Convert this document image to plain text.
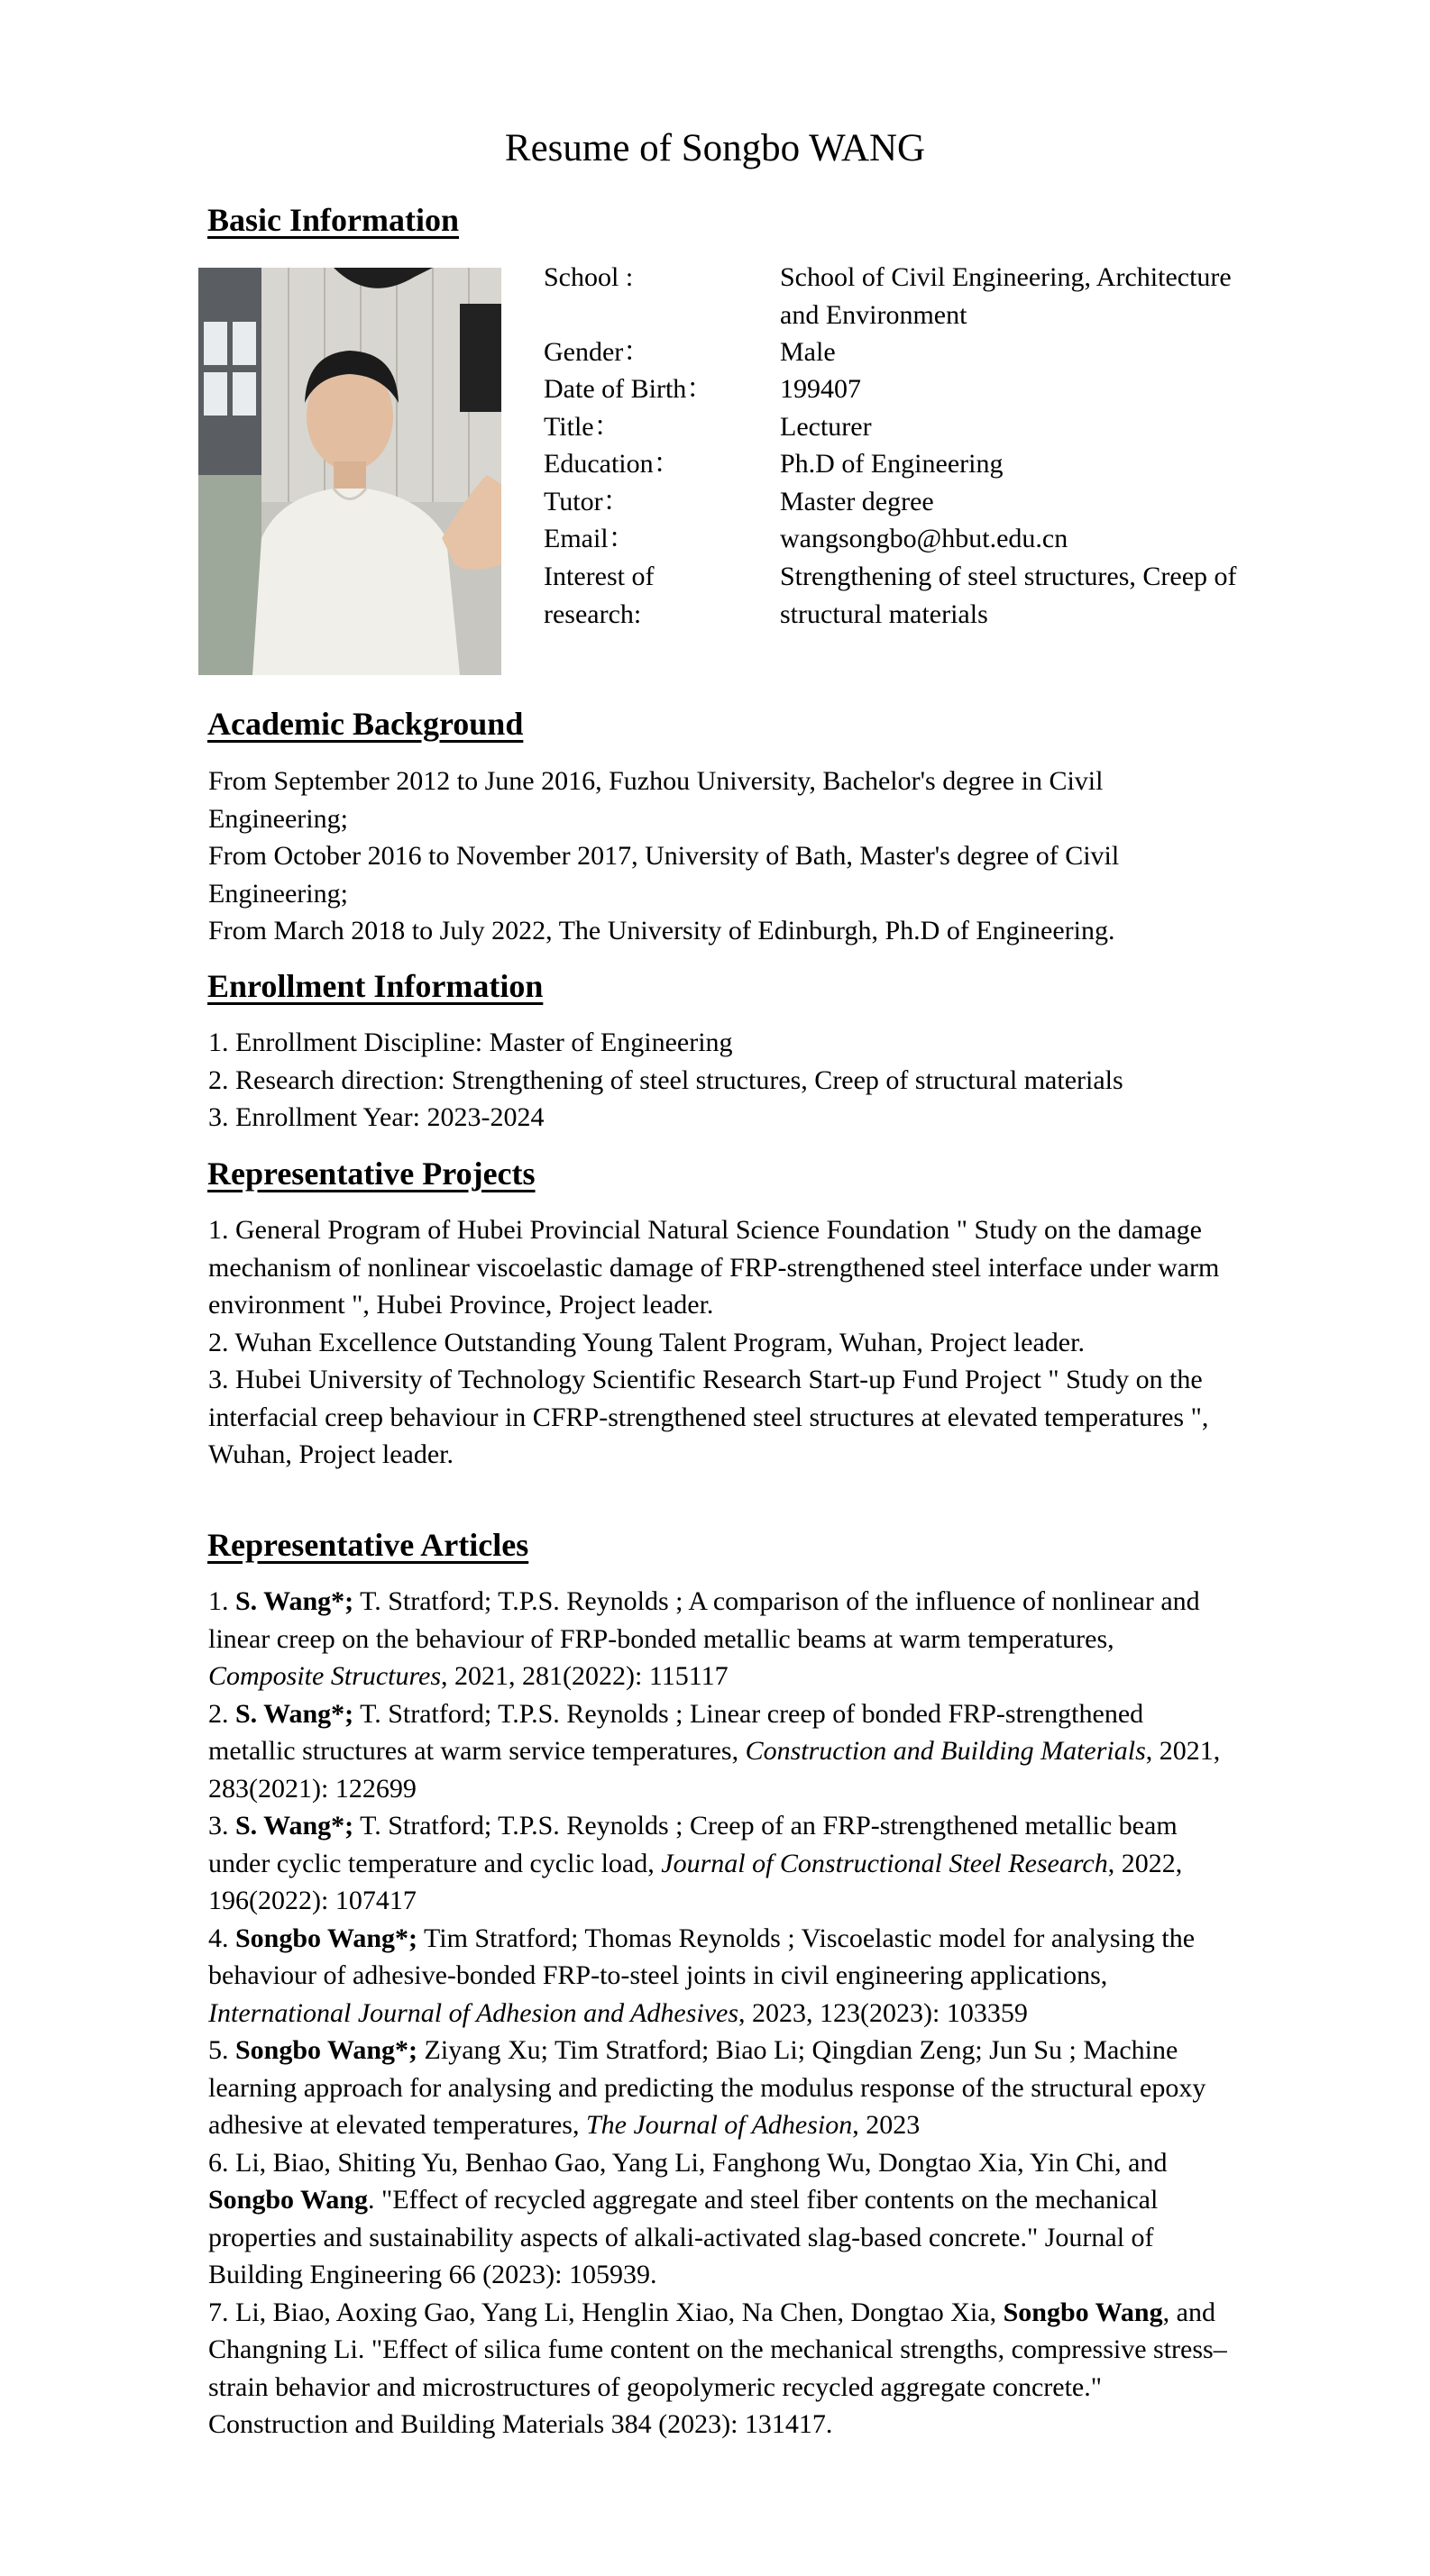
Resume of Songbo WANG
Basic Information
School :	School of Civil Engineering, Architecture and Environment
Gender：	Male
Date of Birth：	199407
Title：	Lecturer
Education：	Ph.D of Engineering
Tutor：	Master degree
Email：	wangsongbo@hbut.edu.cn
Interest of research:
Strengthening of steel structures, Creep of structural materials
Academic Background

From September 2012 to June 2016, Fuzhou University, Bachelor's degree in Civil Engineering;

From October 2016 to November 2017, University of Bath, Master's degree of Civil Engineering;

From March 2018 to July 2022, The University of Edinburgh, Ph.D of Engineering.

Enrollment Information

1. Enrollment Discipline: Master of Engineering

2. Research direction: Strengthening of steel structures, Creep of structural materials

3. Enrollment Year: 2023-2024

Representative Projects

1. General Program of Hubei Provincial Natural Science Foundation " Study on the damage mechanism of nonlinear viscoelastic damage of FRP-strengthened steel interface under warm environment ", Hubei Province, Project leader.

2. Wuhan Excellence Outstanding Young Talent Program, Wuhan, Project leader.

3. Hubei University of Technology Scientific Research Start-up Fund Project " Study on the interfacial creep behaviour in CFRP-strengthened steel structures at elevated temperatures ", Wuhan, Project leader.

Representative Articles

1. S. Wang*; T. Stratford; T.P.S. Reynolds ; A comparison of the influence of nonlinear and linear creep on the behaviour of FRP-bonded metallic beams at warm temperatures, Composite Structures, 2021, 281(2022): 115117

2. S. Wang*; T. Stratford; T.P.S. Reynolds ; Linear creep of bonded FRP-strengthened metallic structures at warm service temperatures, Construction and Building Materials, 2021, 283(2021): 122699

3. S. Wang*; T. Stratford; T.P.S. Reynolds ; Creep of an FRP-strengthened metallic beam under cyclic temperature and cyclic load, Journal of Constructional Steel Research, 2022, 196(2022): 107417

4. Songbo Wang*; Tim Stratford; Thomas Reynolds ; Viscoelastic model for analysing the behaviour of adhesive-bonded FRP-to-steel joints in civil engineering applications, International Journal of Adhesion and Adhesives, 2023, 123(2023): 103359

5. Songbo Wang*; Ziyang Xu; Tim Stratford; Biao Li; Qingdian Zeng; Jun Su ; Machine learning approach for analysing and predicting the modulus response of the structural epoxy adhesive at elevated temperatures, The Journal of Adhesion, 2023

6. Li, Biao, Shiting Yu, Benhao Gao, Yang Li, Fanghong Wu, Dongtao Xia, Yin Chi, and Songbo Wang. "Effect of recycled aggregate and steel fiber contents on the mechanical properties and sustainability aspects of alkali-activated slag-based concrete." Journal of Building Engineering 66 (2023): 105939.

7. Li, Biao, Aoxing Gao, Yang Li, Henglin Xiao, Na Chen, Dongtao Xia, Songbo Wang, and Changning Li. "Effect of silica fume content on the mechanical strengths, compressive stress–strain behavior and microstructures of geopolymeric recycled aggregate concrete." Construction and Building Materials 384 (2023): 131417.
